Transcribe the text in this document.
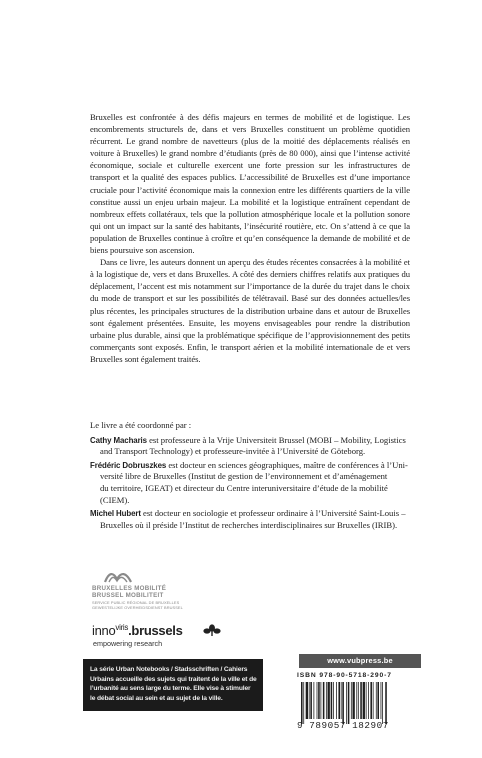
Bruxelles est confrontée à des défis majeurs en termes de mobilité et de logistique. Les encombrements structurels de, dans et vers Bruxelles constituent un problème quotidien récurrent. Le grand nombre de navetteurs (plus de la moitié des déplacements réalisés en voiture à Bruxelles) le grand nombre d’étudiants (près de 80 000), ainsi que l’intense activité économique, sociale et culturelle exercent une forte pression sur les infrastructures de transport et la qualité des espaces publics. L’accessibilité de Bruxelles est d’une importance cruciale pour l’activité économique mais la connexion entre les différents quartiers de la ville constitue aussi un enjeu urbain majeur. La mobilité et la logistique entraînent cependant de nombreux effets collatéraux, tels que la pollution atmosphérique locale et la pollution sonore qui ont un impact sur la santé des habitants, l’insécurité routière, etc. On s’attend à ce que la population de Bruxelles continue à croître et qu’en conséquence la demande de mobilité et de biens poursuive son ascension.

Dans ce livre, les auteurs donnent un aperçu des études récentes consacrées à la mobilité et à la logistique de, vers et dans Bruxelles. A côté des derniers chiffres relatifs aux pratiques du déplacement, l’accent est mis notamment sur l’importance de la durée du trajet dans le choix du mode de transport et sur les possibilités de télétravail. Basé sur des données actuelles/les plus récentes, les principales structures de la distribution urbaine dans et autour de Bruxelles sont également présentées. Ensuite, les moyens envisageables pour rendre la distribution urbaine plus durable, ainsi que la problématique spécifique de l’approvisionnement des petits commerçants sont exposés. Enfin, le transport aérien et la mobilité internationale de et vers Bruxelles sont également traités.

Le livre a été coordonné par :
Cathy Macharis est professeure à la Vrije Universiteit Brussel (MOBI – Mobility, Logistics
and Transport Technology) et professeure-invitée à l’Université de Göteborg.
Frédéric Dobruszkes est docteur en sciences géographiques, maître de conférences à l’Uni-
versité libre de Bruxelles (Institut de gestion de l’environnement et d’aménagement
du territoire, IGEAT) et directeur du Centre interuniversitaire d’étude de la mobilité
(CIEM).
Michel Hubert est docteur en sociologie et professeur ordinaire à l’Université Saint-Louis –
Bruxelles où il préside l’Institut de recherches interdisciplinaires sur Bruxelles (IRIB).
BRUXELLES MOBILITÉ
BRUSSEL MOBILITEIT
SERVICE PUBLIC RÉGIONAL DE BRUXELLES
GEWESTELIJKE OVERHEIDSDIENST BRUSSEL
inno$^{viris}$.brussels
empowering research
La série Urban Notebooks / Stadsschriften / Cahiers Urbains accueille des sujets qui traitent de la ville et de l’urbanité au sens large du terme. Elle vise à stimuler le débat social au sein et au sujet de la ville.
www.vubpress.be
ISBN 978-90-5718-290-7
9 789057 182907
